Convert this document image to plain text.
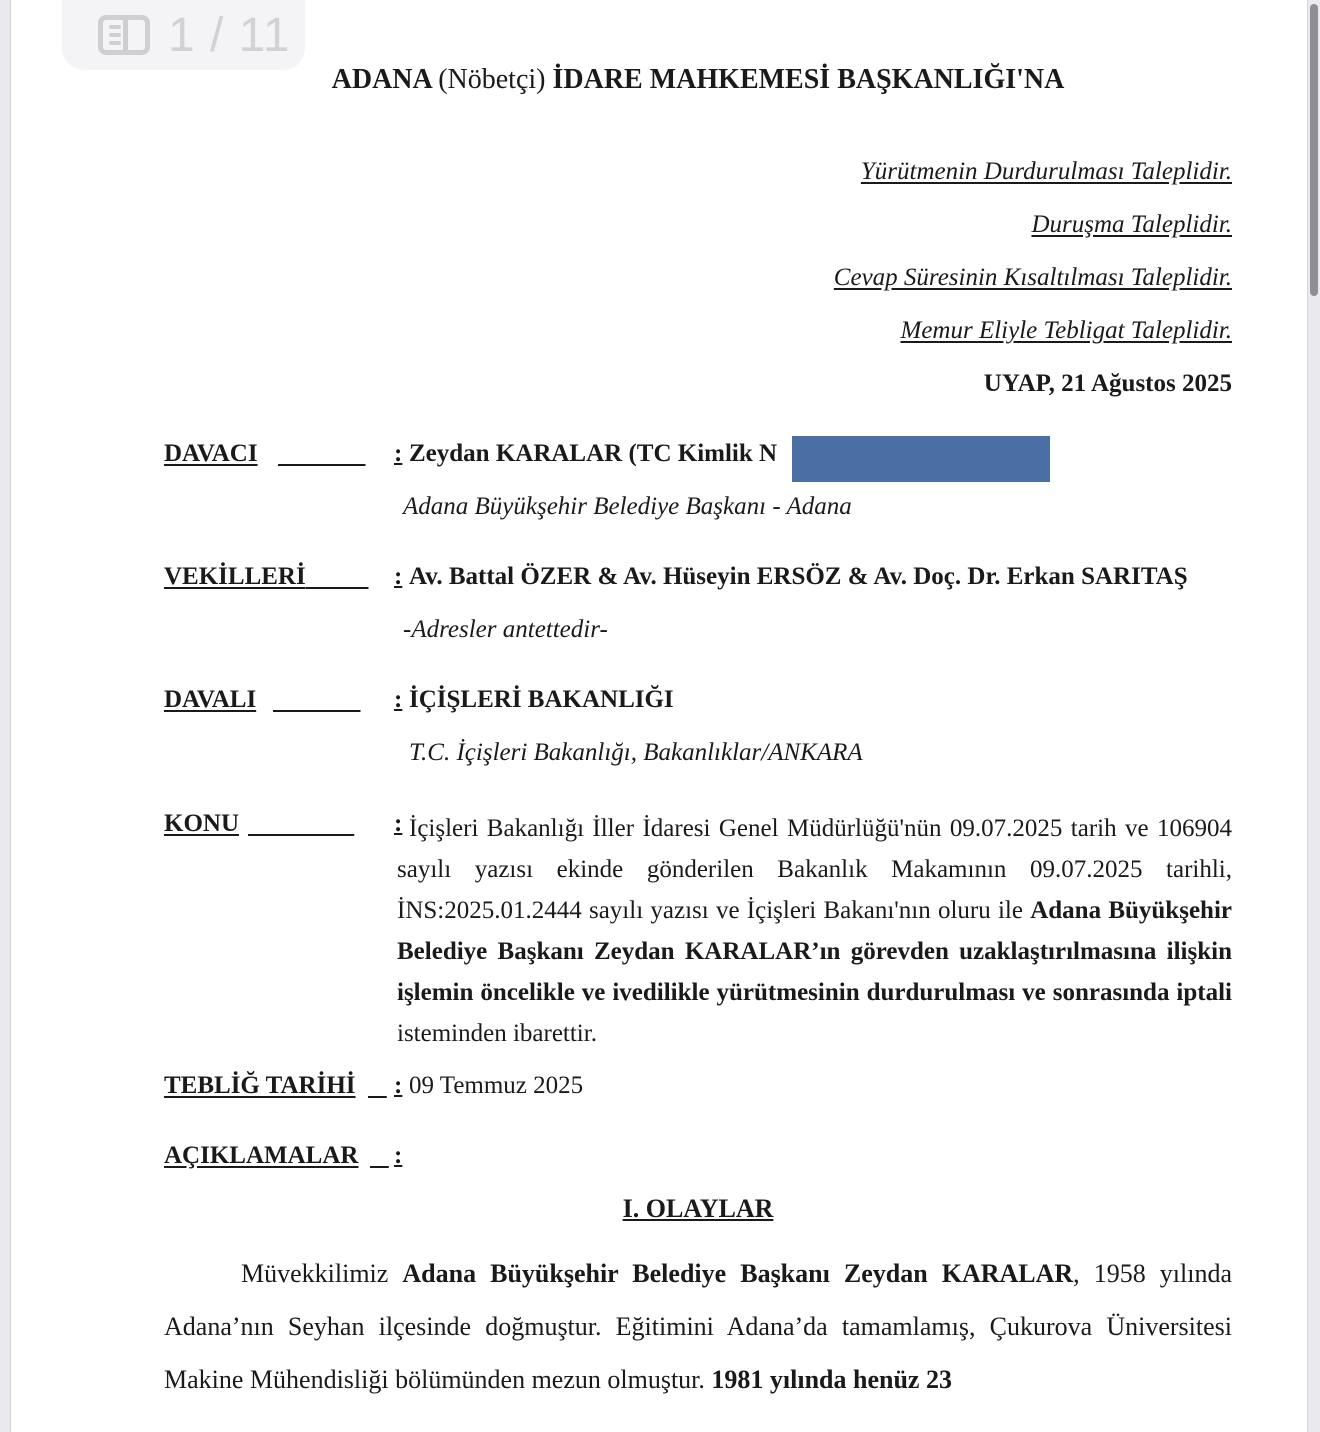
1 / 11
ADANA (Nöbetçi) İDARE MAHKEMESİ BAŞKANLIĞI'NA
Yürütmenin Durdurulması Taleplidir.
Duruşma Taleplidir.
Cevap Süresinin Kısaltılması Taleplidir.
Memur Eliyle Tebligat Taleplidir.
UYAP, 21 Ağustos 2025
DAVACI
	: Zeydan KARALAR (TC Kimlik N
Adana Büyükşehir Belediye Başkanı - Adana
VEKİLLERİ
	: Av. Battal ÖZER & Av. Hüseyin ERSÖZ & Av. Doç. Dr. Erkan SARITAŞ
-Adresler antettedir-
DAVALI
	: İÇİŞLERİ BAKANLIĞI
T.C. İçişleri Bakanlığı, Bakanlıklar/ANKARA
KONU
	: İçişleri Bakanlığı İller İdaresi Genel Müdürlüğü'nün 09.07.2025 tarih ve 106904 sayılı yazısı ekinde gönderilen Bakanlık Makamının 09.07.2025 tarihli, İNS:2025.01.2444 sayılı yazısı ve İçişleri Bakanı'nın oluru ile Adana Büyükşehir Belediye Başkanı Zeydan KARALAR’ın görevden uzaklaştırılmasına ilişkin işlemin öncelikle ve ivedilikle yürütmesinin durdurulması ve sonrasında iptali isteminden ibarettir.

TEBLİĞ TARİHİ
: 09 Temmuz 2025
AÇIKLAMALAR
:
I. OLAYLAR

Müvekkilimiz Adana Büyükşehir Belediye Başkanı Zeydan KARALAR, 1958 yılında Adana’nın Seyhan ilçesinde doğmuştur. Eğitimini Adana’da tamamlamış, Çukurova Üniversitesi Makine Mühendisliği bölümünden mezun olmuştur. 1981 yılında henüz 23
